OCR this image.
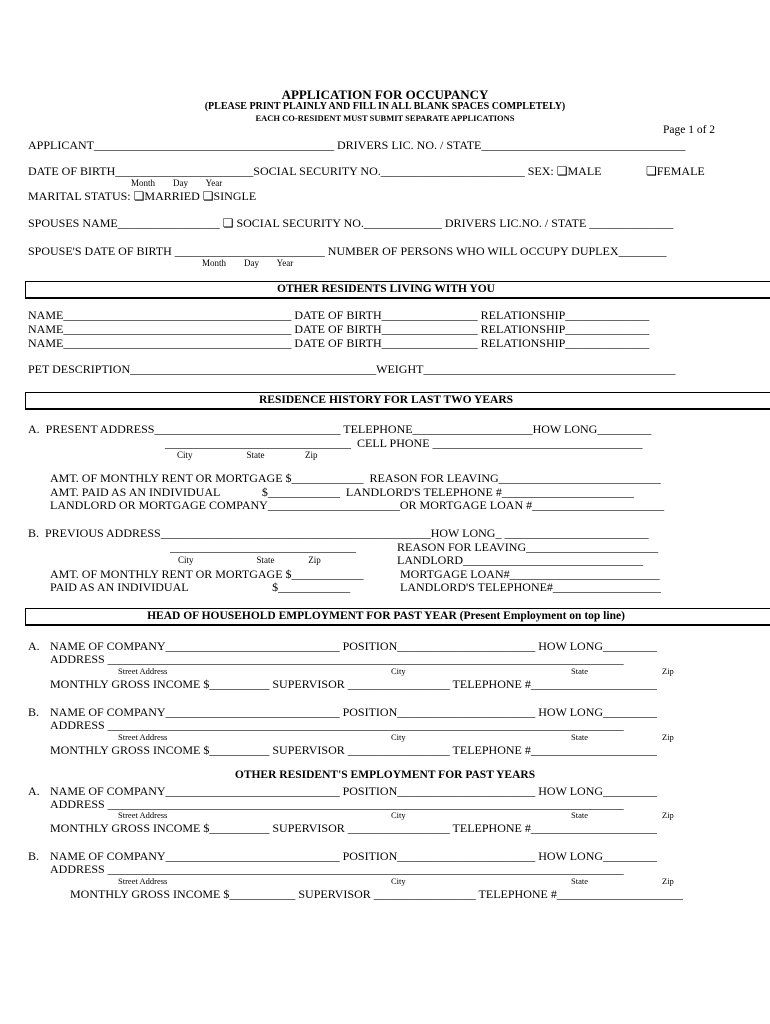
APPLICATION FOR OCCUPANCY
(PLEASE PRINT PLAINLY AND FILL IN ALL BLANK SPACES COMPLETELY)
EACH CO-RESIDENT MUST SUBMIT SEPARATE APPLICATIONS
Page 1 of 2
APPLICANT________________________________________ DRIVERS LIC. NO. / STATE__________________________________
DATE OF BIRTH_______________________SOCIAL SECURITY NO.________________________ SEX: ❏MALE	❏FEMALE
Month        Day        Year
MARITAL STATUS: ❏MARRIED ❏SINGLE
SPOUSES NAME_________________ ❏ SOCIAL SECURITY NO._____________ DRIVERS LIC.NO. / STATE ______________
SPOUSE'S DATE OF BIRTH _________________________ NUMBER OF PERSONS WHO WILL OCCUPY DUPLEX________
Month        Day        Year
OTHER RESIDENTS LIVING WITH YOU
NAME______________________________________ DATE OF BIRTH________________ RELATIONSHIP______________
NAME______________________________________ DATE OF BIRTH________________ RELATIONSHIP______________
NAME______________________________________ DATE OF BIRTH________________ RELATIONSHIP______________
PET DESCRIPTION_________________________________________WEIGHT__________________________________________
RESIDENCE HISTORY FOR LAST TWO YEARS
A.  PRESENT ADDRESS_______________________________ TELEPHONE____________________HOW LONG_________
_______________________________  CELL PHONE ___________________________________
City                        State                  Zip
AMT. OF MONTHLY RENT OR MORTGAGE $____________  REASON FOR LEAVING___________________________
AMT. PAID AS AN INDIVIDUAL              $____________  LANDLORD'S TELEPHONE #______________________
LANDLORD OR MORTGAGE COMPANY______________________OR MORTGAGE LOAN #______________________
B.  PREVIOUS ADDRESS_____________________________________________HOW LONG_ ________________________
_______________________________	REASON FOR LEAVING______________________
City                            State               Zip	LANDLORD______________________________
AMT. OF MONTHLY RENT OR MORTGAGE $____________	MORTGAGE LOAN#_________________________
PAID AS AN INDIVIDUAL                            $____________	LANDLORD'S TELEPHONE#__________________
HEAD OF HOUSEHOLD EMPLOYMENT FOR PAST YEAR (Present Employment on top line)
A. NAME OF COMPANY_____________________________ POSITION_______________________ HOW LONG_________
ADDRESS ______________________________________________________________________________________
Street Address	City	State	Zip
MONTHLY GROSS INCOME $__________ SUPERVISOR _________________ TELEPHONE #_____________________
B. NAME OF COMPANY_____________________________ POSITION_______________________ HOW LONG_________
ADDRESS ______________________________________________________________________________________
Street Address	City	State	Zip
MONTHLY GROSS INCOME $__________ SUPERVISOR _________________ TELEPHONE #_____________________
OTHER RESIDENT'S EMPLOYMENT FOR PAST YEARS
A. NAME OF COMPANY_____________________________ POSITION_______________________ HOW LONG_________
ADDRESS ______________________________________________________________________________________
Street Address	City	State	Zip
MONTHLY GROSS INCOME $__________ SUPERVISOR _________________ TELEPHONE #_____________________
B. NAME OF COMPANY_____________________________ POSITION_______________________ HOW LONG_________
ADDRESS ______________________________________________________________________________________
Street Address	City	State	Zip
MONTHLY GROSS INCOME $___________ SUPERVISOR _________________ TELEPHONE #_____________________
